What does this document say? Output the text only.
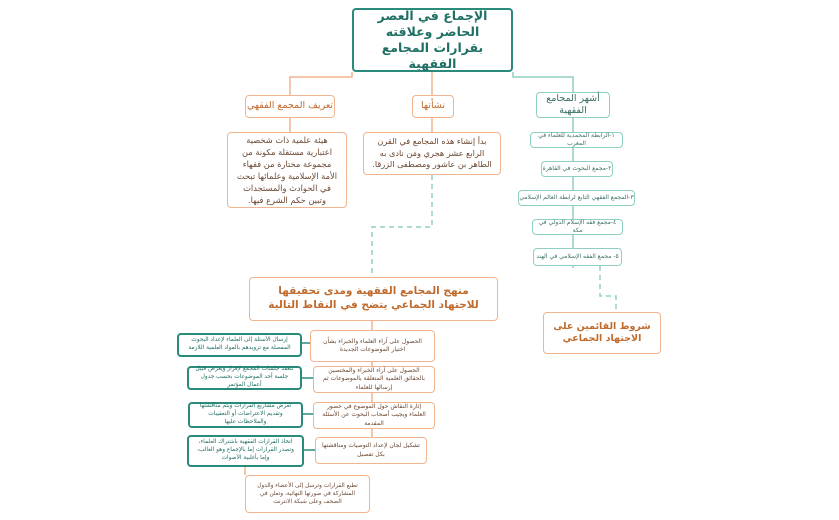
الإجماع في العصر الحاضر وعلاقته بقرارات المجامع الفقهية
أشهر المجامع الفقهية
نشأتها
تعريف المجمع الفقهي
هيئة علمية ذات شخصية اعتبارية مستقلة مكونة من مجموعة مختارة من فقهاء الأمة الإسلامية وعلمائها تبحث في الحوادث والمستجدات وتبين حكم الشرع فيها.
بدأ إنشاء هذه المجامع في القرن الرابع عشر هجري ومَن نادى به الطاهر بن عاشور ومصطفى الزرقا.
١-الرابطة المحمدية للعلماء في المغرب
٢-مجمع البحوث في القاهرة
٣-المجمع الفقهي التابع لرابطة العالم الإسلامي
٤-مجمع فقه الإسلام الدولي في مكة
٥- مجمع الفقه الإسلامي في الهند
شروط القائمين على الاجتهاد الجماعي
منهج المجامع الفقهية ومدى تحقيقها للاجتهاد الجماعي يتضح في النقاط التالية
الحصول على آراء العلماء والخبراء بشأن اختيار الموضوعات الجديدة
الحصول على آراء الخبراء والمختصين بالحقائق العلمية المتعلقة بالموضوعات ثم إرسالها للعلماء
إثارة النقاش حول الموضوع في حضور العلماء ويجيب أصحاب البحوث عن الأسئلة المقدمة
تشكيل لجان لإعداد التوصيات ومناقشتها بكل تفصيل
إرسال الأسئلة إلى العلماء لإعداد البحوث المفصلة مع تزويدهم بالمواد العلمية اللازمة
تنعقد جلسات المجمع لإقرار ويعرض قبيل جلسة أحد الموضوعات بحسب جدول أعمال المؤتمر
تعرض مشاريع القرارات ويتم مناقشتها وتقديم الاعتراضات أو التعقيبات والملاحظات عليها
اتخاذ القرارات الفقهية باشتراك العلماء، وتصدر القرارات إما بالإجماع وهو الغالب، وإما بأغلبية الأصوات
تطبع القرارات وترسل إلى الأعضاء والدول المشاركة في صورتها النهائية، وتعلن في الصحف وعلى شبكة الانترنت
